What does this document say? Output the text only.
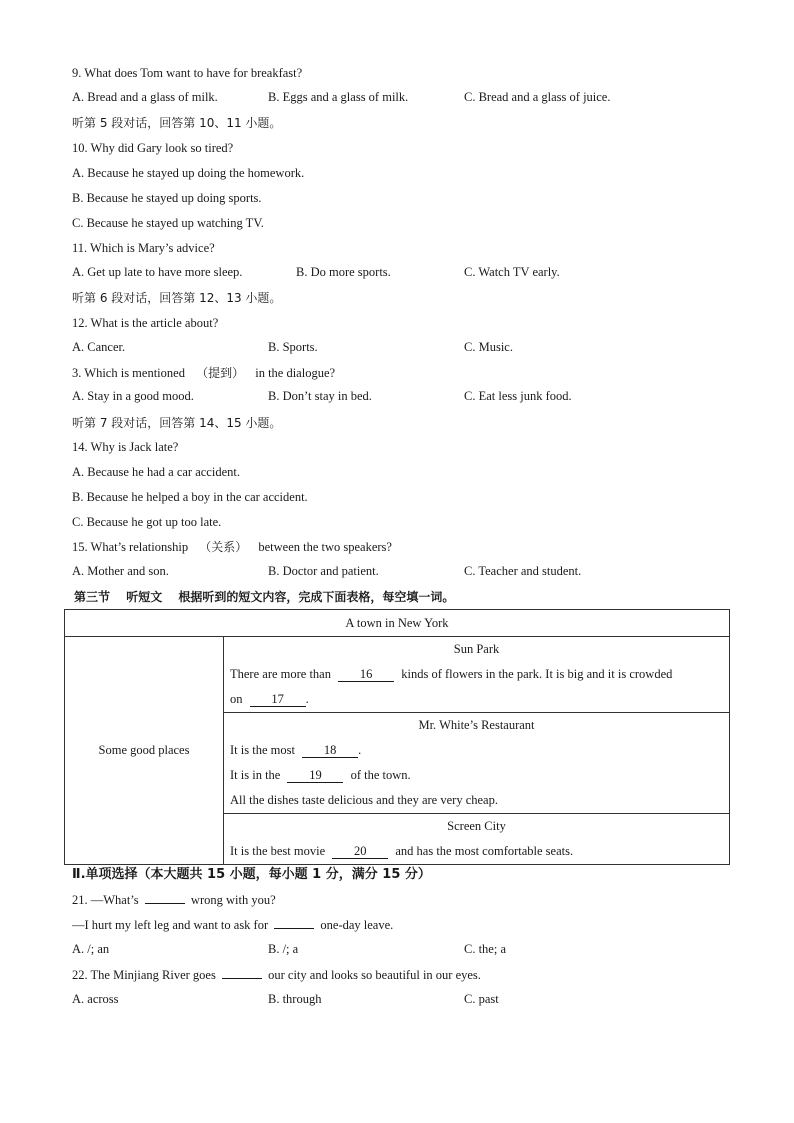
9. What does Tom want to have for breakfast?
A. Bread and a glass of milk.	B. Eggs and a glass of milk.	C. Bread and a glass of juice.
听第 5 段对话，回答第 10、11 小题。
10. Why did Gary look so tired?
A. Because he stayed up doing the homework.
B. Because he stayed up doing sports.
C. Because he stayed up watching TV.
11. Which is Mary’s advice?
A. Get up late to have more sleep.	B. Do more sports.	C. Watch TV early.
听第 6 段对话，回答第 12、13 小题。
12. What is the article about?
A. Cancer.	B. Sports.	C. Music.
3. Which is mentioned （提到） in the dialogue?
A. Stay in a good mood.	B. Don’t stay in bed.	C. Eat less junk food.
听第 7 段对话，回答第 14、15 小题。
14. Why is Jack late?
A. Because he had a car accident.
B. Because he helped a boy in the car accident.
C. Because he got up too late.
15. What’s relationship （关系） between the two speakers?
A. Mother and son.	B. Doctor and patient.	C. Teacher and student.
第三节 听短文 根据听到的短文内容，完成下面表格，每空填一词。
A town in New York
Some good places	
Sun Park
There are more than 16 kinds of flowers in the park. It is big and it is crowded
on 17 .

Mr. White’s Restaurant
It is the most 18 .
It is in the 19 of the town.
All the dishes taste delicious and they are very cheap.

Screen City
It is the best movie 20 and has the most comfortable seats.
Ⅱ.单项选择（本大题共 15 小题，每小题 1 分，满分 15 分）
21. —What’s	wrong with you?
—I hurt my left leg and want to ask for	one-day leave.
A. /; an	B. /; a	C. the; a
22. The Minjiang River goes	our city and looks so beautiful in our eyes.
A. across	B. through	C. past
